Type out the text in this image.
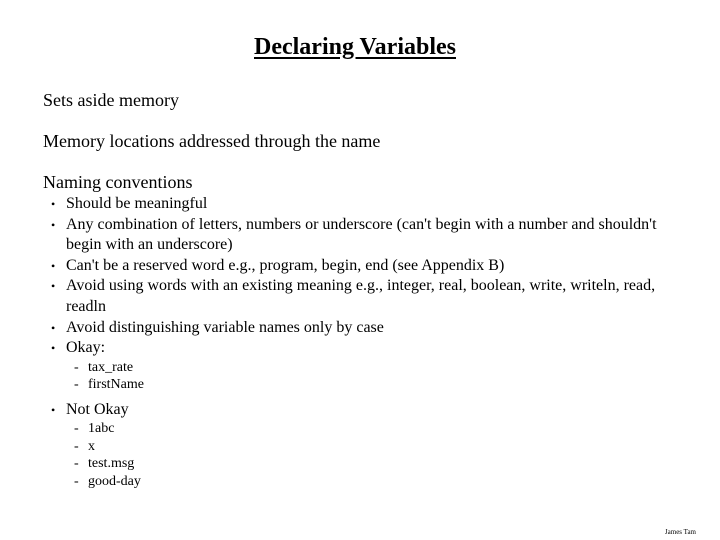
Declaring Variables
Sets aside memory
Memory locations addressed through the name
Naming conventions
• Should be meaningful
• Any combination of letters, numbers or underscore (can't begin with a number and shouldn't begin with an underscore)
• Can't be a reserved word e.g., program, begin, end (see Appendix B)
• Avoid using words with an existing meaning e.g., integer, real, boolean, write, writeln, read, readln
• Avoid distinguishing variable names only by case
• Okay:
- tax_rate
- firstName
• Not Okay
- 1abc
- x
- test.msg
- good-day
James Tam
